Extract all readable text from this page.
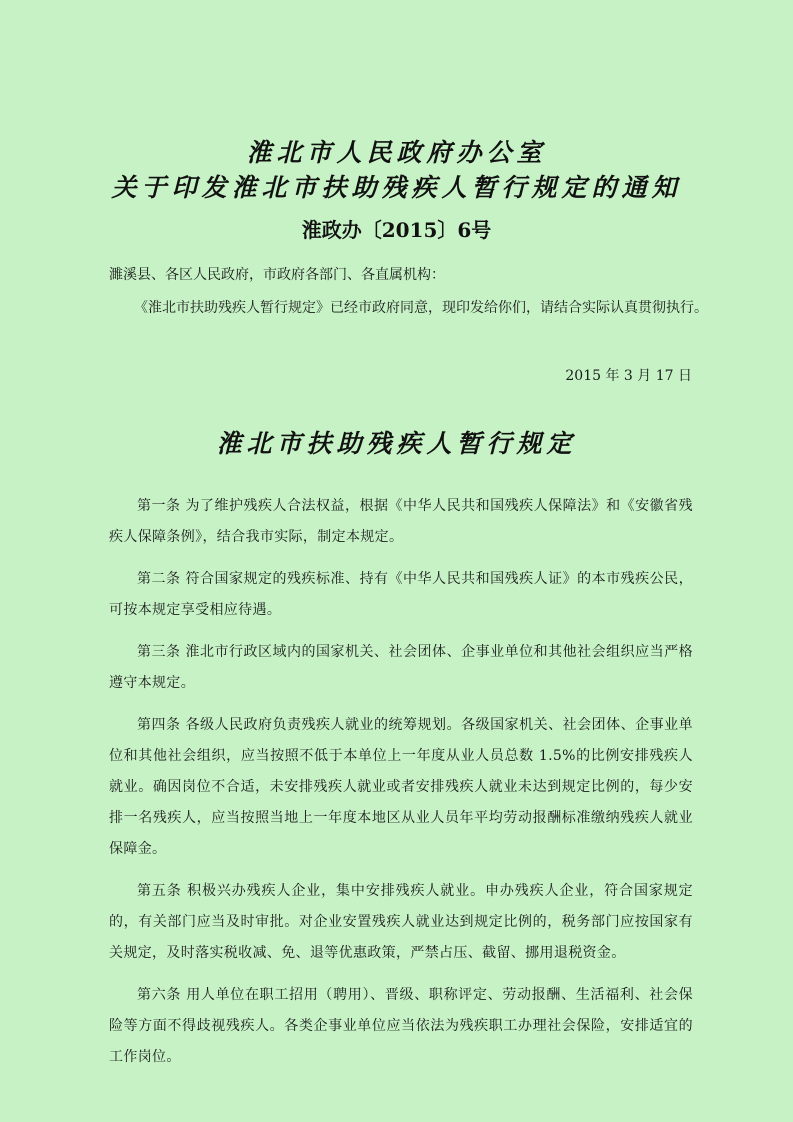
淮北市人民政府办公室
关于印发淮北市扶助残疾人暂行规定的通知
淮政办〔2015〕6号
濉溪县、各区人民政府，市政府各部门、各直属机构：
《淮北市扶助残疾人暂行规定》已经市政府同意，现印发给你们，请结合实际认真贯彻执行。
2015 年 3 月 17 日
淮北市扶助残疾人暂行规定

第一条 为了维护残疾人合法权益，根据《中华人民共和国残疾人保障法》和《安徽省残疾人保障条例》，结合我市实际，制定本规定。

第二条 符合国家规定的残疾标准、持有《中华人民共和国残疾人证》的本市残疾公民，可按本规定享受相应待遇。

第三条 淮北市行政区域内的国家机关、社会团体、企事业单位和其他社会组织应当严格遵守本规定。

第四条 各级人民政府负责残疾人就业的统筹规划。各级国家机关、社会团体、企事业单位和其他社会组织，应当按照不低于本单位上一年度从业人员总数 1.5%的比例安排残疾人就业。确因岗位不合适，未安排残疾人就业或者安排残疾人就业未达到规定比例的，每少安排一名残疾人，应当按照当地上一年度本地区从业人员年平均劳动报酬标准缴纳残疾人就业保障金。

第五条 积极兴办残疾人企业，集中安排残疾人就业。申办残疾人企业，符合国家规定的，有关部门应当及时审批。对企业安置残疾人就业达到规定比例的，税务部门应按国家有关规定，及时落实税收减、免、退等优惠政策，严禁占压、截留、挪用退税资金。

第六条 用人单位在职工招用（聘用）、晋级、职称评定、劳动报酬、生活福利、社会保险等方面不得歧视残疾人。各类企事业单位应当依法为残疾职工办理社会保险，安排适宜的工作岗位。
